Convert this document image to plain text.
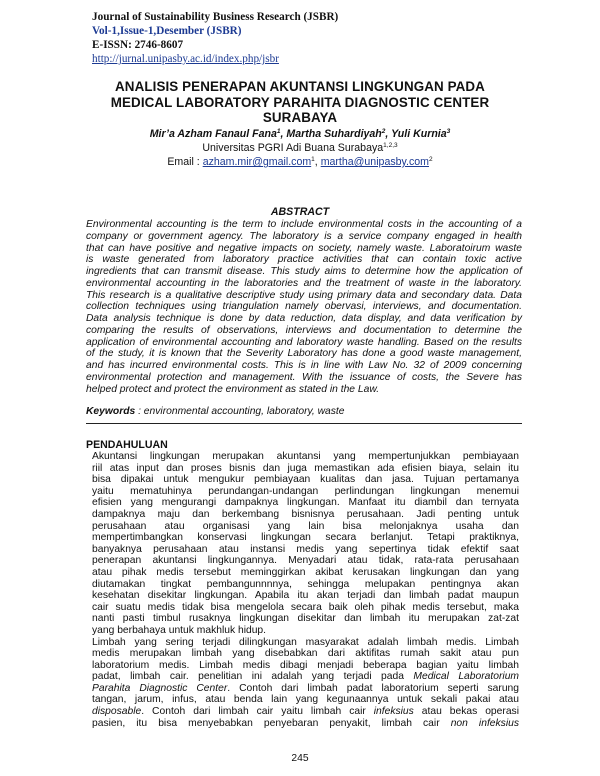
Journal of Sustainability Business Research (JSBR)
Vol-1,Issue-1,Desember (JSBR)
E-ISSN: 2746-8607
http://jurnal.unipasby.ac.id/index.php/jsbr
ANALISIS PENERAPAN AKUNTANSI LINGKUNGAN PADA
MEDICAL LABORATORY PARAHITA DIAGNOSTIC CENTER
SURABAYA
Mir’a Azham Fanaul Fana$^1$, Martha Suhardiyah$^2$, Yuli Kurnia$^3$
Universitas PGRI Adi Buana Surabaya$^{1,2,3}$
Email : azham.mir@gmail.com$^1$, martha@unipasby.com$^2$
ABSTRACT
Environmental accounting is the term to include environmental costs in the accounting of a
company or government agency. The laboratory is a service company engaged in health
that can have positive and negative impacts on society, namely waste. Laboratoirum waste
is waste generated from laboratory practice activities that can contain toxic active
ingredients that can transmit disease. This study aims to determine how the application of
environmental accounting in the laboratories and the treatment of waste in the laboratory.
This research is a qualitative descriptive study using primary data and secondary data. Data
collection techniques using triangulation namely obervasi, interviews, and documentation.
Data analysis technique is done by data reduction, data display, and data verification by
comparing the results of observations, interviews and documentation to determine the
application of environmental accounting and laboratory waste handling. Based on the results
of the study, it is known that the Severity Laboratory has done a good waste management,
and has incurred environmental costs. This is in line with Law No. 32 of 2009 concerning
environmental protection and management. With the issuance of costs, the Severe has
helped protect and protect the environment as stated in the Law.
Keywords : environmental accounting, laboratory, waste
PENDAHULUAN
Akuntansi lingkungan merupakan akuntansi yang mempertunjukkan pembiayaan
riil atas input dan proses bisnis dan juga memastikan ada efisien biaya, selain itu
bisa dipakai untuk mengukur pembiayaan kualitas dan jasa. Tujuan pertamanya
yaitu mematuhinya perundangan-undangan perlindungan lingkungan menemui
efisien yang mengurangi dampaknya lingkungan. Manfaat itu diambil dan ternyata
dampaknya maju dan berkembang bisnisnya perusahaan. Jadi penting untuk
perusahaan atau organisasi yang lain bisa melonjaknya usaha dan
mempertimbangkan konservasi lingkungan secara berlanjut. Tetapi praktiknya,
banyaknya perusahaan atau instansi medis yang sepertinya tidak efektif saat
penerapan akuntansi lingkungannya. Menyadari atau tidak, rata-rata perusahaan
atau pihak medis tersebut meminggirkan akibat kerusakan lingkungan dan yang
diutamakan tingkat pembangunnnnya, sehingga melupakan pentingnya akan
kesehatan disekitar lingkungan. Apabila itu akan terjadi dan limbah padat maupun
cair suatu medis tidak bisa mengelola secara baik oleh pihak medis tersebut, maka
nanti pasti timbul rusaknya lingkungan disekitar dan limbah itu merupakan zat-zat
yang berbahaya untuk makhluk hidup.
Limbah yang sering terjadi dilingkungan masyarakat adalah limbah medis. Limbah
medis merupakan limbah yang disebabkan dari aktifitas rumah sakit atau pun
laboratorium medis. Limbah medis dibagi menjadi beberapa bagian yaitu limbah
padat, limbah cair. penelitian ini adalah yang terjadi pada Medical Laboratorium
Parahita Diagnostic Center. Contoh dari limbah padat laboratorium seperti sarung
tangan, jarum, infus, atau benda lain yang kegunaannya untuk sekali pakai atau
disposable. Contoh dari limbah cair yaitu limbah cair infeksius atau bekas operasi
pasien, itu bisa menyebabkan penyebaran penyakit, limbah cair non infeksius
245
